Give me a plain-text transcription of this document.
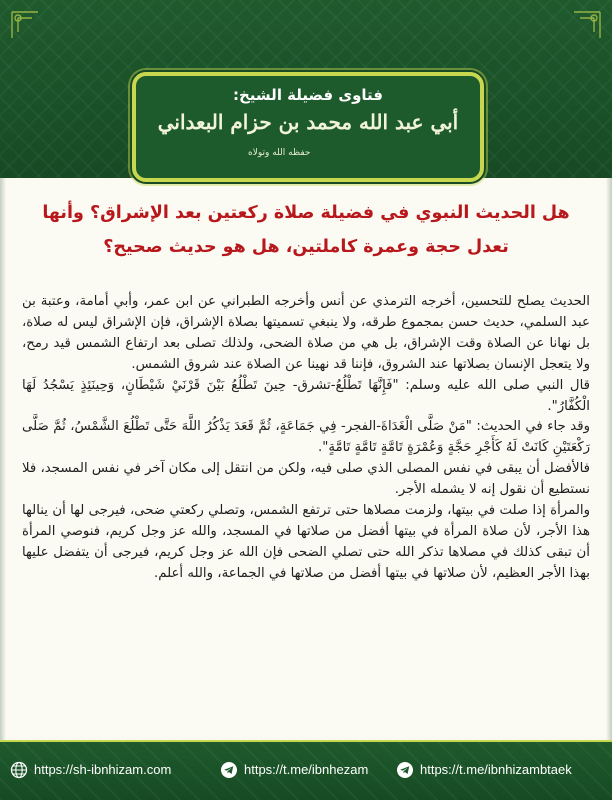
فتاوى فضيلة الشيخ:
أبي عبد الله محمد بن حزام البعداني
حفظه الله وتولاه
هل الحديث النبوي في فضيلة صلاة ركعتين بعد الإشراق؟ وأنها تعدل حجة وعمرة كاملتين، هل هو حديث صحيح؟

الحديث يصلح للتحسين، أخرجه الترمذي عن أنس وأخرجه الطبراني عن ابن عمر، وأبي أمامة، وعتبة بن عبد السلمي، حديث حسن بمجموع طرقه، ولا ينبغي تسميتها بصلاة الإشراق، فإن الإشراق ليس له صلاة، بل نهانا عن الصلاة وقت الإشراق، بل هي من صلاة الضحى، ولذلك تصلى بعد ارتفاع الشمس قيد رمح، ولا يتعجل الإنسان بصلاتها عند الشروق، فإننا قد نهينا عن الصلاة عند شروق الشمس.

قال النبي صلى الله عليه وسلم: "فَإِنَّهَا تَطْلُعُ-تشرق- حِينَ تَطْلُعُ بَيْنَ قَرْنَيْ شَيْطَانٍ، وَحِينَئِذٍ يَسْجُدُ لَهَا الْكُفَّارُ".

وقد جاء في الحديث: "مَنْ صَلَّى الْغَدَاةَ-الفجر- فِي جَمَاعَةٍ، ثُمَّ قَعَدَ يَذْكُرُ اللَّهَ حَتَّى تَطْلُعَ الشَّمْسُ، ثُمَّ صَلَّى رَكْعَتَيْنِ كَانَتْ لَهُ كَأَجْرِ حَجَّةٍ وَعُمْرَةٍ تَامَّةٍ تَامَّةٍ تَامَّةٍ".

فالأفضل أن يبقى في نفس المصلى الذي صلى فيه، ولكن من انتقل إلى مكان آخر في نفس المسجد، فلا نستطيع أن نقول إنه لا يشمله الأجر.

والمرأة إذا صلت في بيتها، ولزمت مصلاها حتى ترتفع الشمس، وتصلي ركعتي ضحى، فيرجى لها أن ينالها هذا الأجر، لأن صلاة المرأة في بيتها أفضل من صلاتها في المسجد، والله عز وجل كريم، فنوصي المرأة أن تبقى كذلك في مصلاها تذكر الله حتى تصلي الضحى فإن الله عز وجل كريم، فيرجى أن يتفضل عليها بهذا الأجر العظيم، لأن صلاتها في بيتها أفضل من صلاتها في الجماعة، والله أعلم.

https://sh-ibnhizam.com	https://t.me/ibnhezam	https://t.me/ibnhizambtaek
